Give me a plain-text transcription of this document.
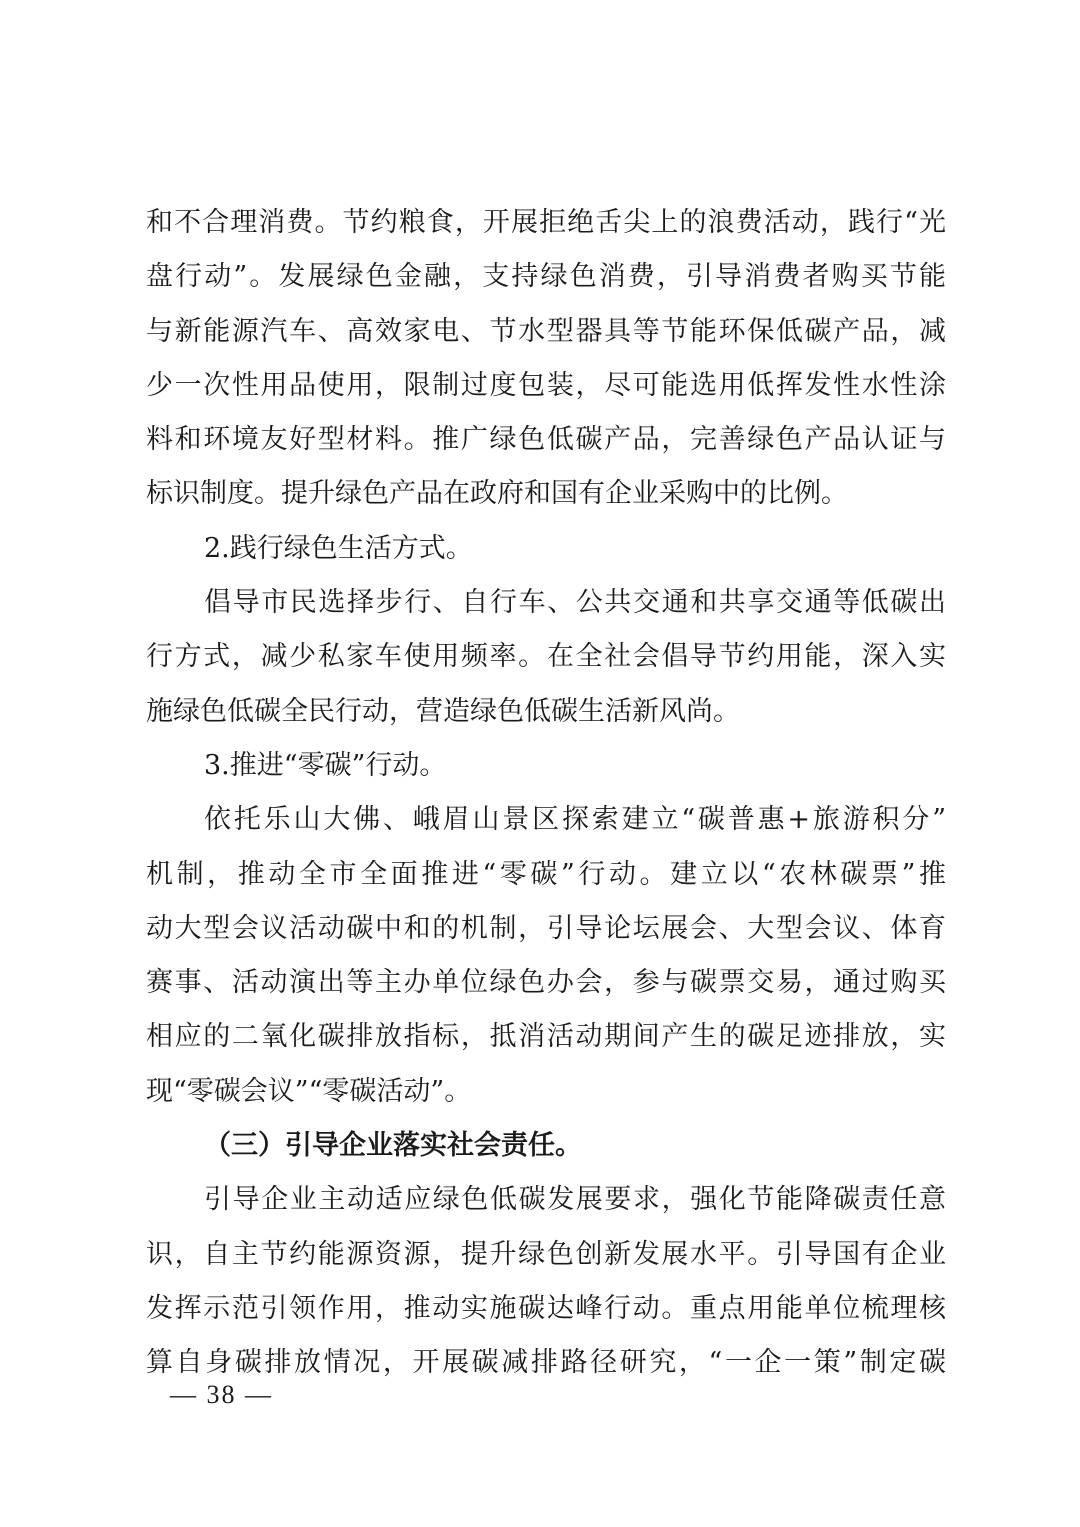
和不合理消费。节约粮食，开展拒绝舌尖上的浪费活动，践行“光
盘行动”。发展绿色金融，支持绿色消费，引导消费者购买节能
与新能源汽车、高效家电、节水型器具等节能环保低碳产品，减
少一次性用品使用，限制过度包装，尽可能选用低挥发性水性涂
料和环境友好型材料。推广绿色低碳产品，完善绿色产品认证与
标识制度。提升绿色产品在政府和国有企业采购中的比例。
2.践行绿色生活方式。
倡导市民选择步行、自行车、公共交通和共享交通等低碳出
行方式，减少私家车使用频率。在全社会倡导节约用能，深入实
施绿色低碳全民行动，营造绿色低碳生活新风尚。
3.推进“零碳”行动。
依托乐山大佛、峨眉山景区探索建立“碳普惠+旅游积分”
机制，推动全市全面推进“零碳”行动。建立以“农林碳票”推
动大型会议活动碳中和的机制，引导论坛展会、大型会议、体育
赛事、活动演出等主办单位绿色办会，参与碳票交易，通过购买
相应的二氧化碳排放指标，抵消活动期间产生的碳足迹排放，实
现“零碳会议”“零碳活动”。
（三）引导企业落实社会责任。
引导企业主动适应绿色低碳发展要求，强化节能降碳责任意
识，自主节约能源资源，提升绿色创新发展水平。引导国有企业
发挥示范引领作用，推动实施碳达峰行动。重点用能单位梳理核
算自身碳排放情况，开展碳减排路径研究，“一企一策”制定碳
— 38 —
